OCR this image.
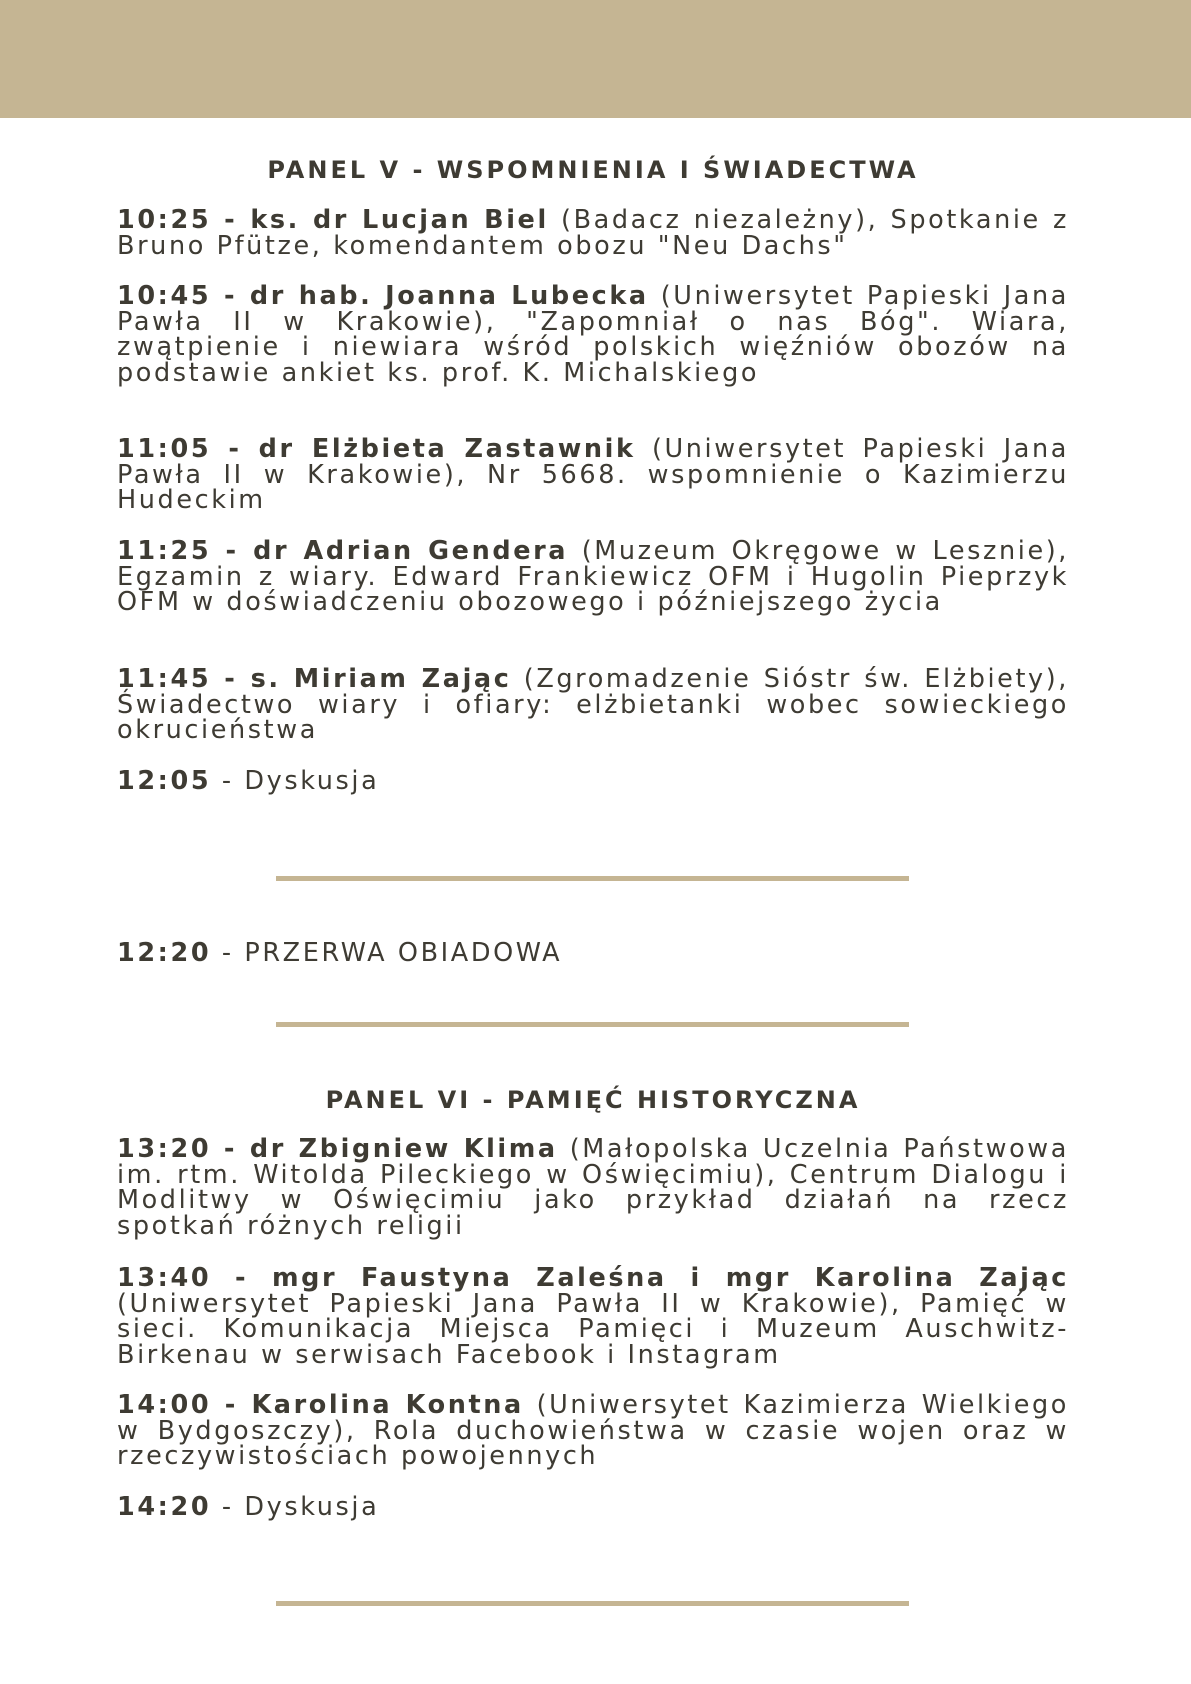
PANEL V - WSPOMNIENIA I ŚWIADECTWA

10:25 - ks. dr Lucjan Biel (Badacz niezależny), Spotkanie z Bruno Pfütze, komendantem obozu "Neu Dachs"

10:45 - dr hab. Joanna Lubecka (Uniwersytet Papieski Jana Pawła II w Krakowie), "Zapomniał o nas Bóg". Wiara, zwątpienie i niewiara wśród polskich więźniów obozów na podstawie ankiet ks. prof. K. Michalskiego

11:05 - dr Elżbieta Zastawnik (Uniwersytet Papieski Jana Pawła II w Krakowie), Nr 5668. wspomnienie o Kazimierzu Hudeckim

11:25 - dr Adrian Gendera (Muzeum Okręgowe w Lesznie), Egzamin z wiary. Edward Frankiewicz OFM i Hugolin Pieprzyk OFM w doświadczeniu obozowego i późniejszego życia

11:45 - s. Miriam Zając (Zgromadzenie Sióstr św. Elżbiety), Świadectwo wiary i ofiary: elżbietanki wobec sowieckiego okrucieństwa

12:05 - Dyskusja

12:20 - PRZERWA OBIADOWA

PANEL VI - PAMIĘĆ HISTORYCZNA

13:20 - dr Zbigniew Klima (Małopolska Uczelnia Państwowa im. rtm. Witolda Pileckiego w Oświęcimiu), Centrum Dialogu i Modlitwy w Oświęcimiu jako przykład działań na rzecz spotkań różnych religii

13:40 - mgr Faustyna Zaleśna i mgr Karolina Zając (Uniwersytet Papieski Jana Pawła II w Krakowie), Pamięć w sieci. Komunikacja Miejsca Pamięci i Muzeum Auschwitz-Birkenau w serwisach Facebook i Instagram

14:00 - Karolina Kontna (Uniwersytet Kazimierza Wielkiego w Bydgoszczy), Rola duchowieństwa w czasie wojen oraz w rzeczywistościach powojennych

14:20 - Dyskusja
